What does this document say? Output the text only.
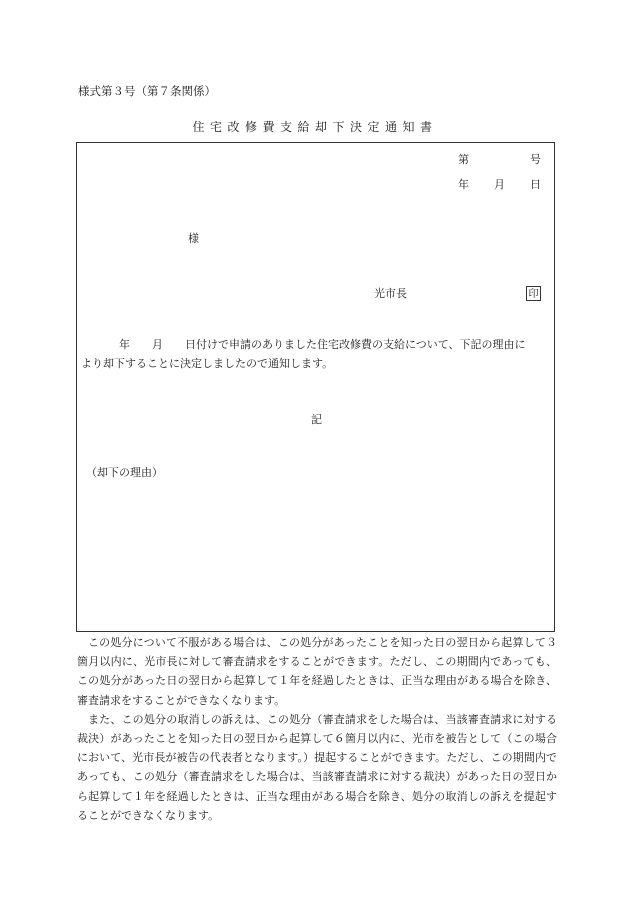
様式第３号（第７条関係）
住宅改修費支給却下決定通知書
第	号
年 月 日
様
光市長	印
年　　月　　日付けで申請のありました住宅改修費の支給について、下記の理由に
より却下することに決定しましたので通知します。
記
（却下の理由）

この処分について不服がある場合は、この処分があったことを知った日の翌日から起算して３箇月以内に、光市長に対して審査請求をすることができます。ただし、この期間内であっても、この処分があった日の翌日から起算して１年を経過したときは、正当な理由がある場合を除き、審査請求をすることができなくなります。

また、この処分の取消しの訴えは、この処分（審査請求をした場合は、当該審査請求に対する裁決）があったことを知った日の翌日から起算して６箇月以内に、光市を被告として（この場合において、光市長が被告の代表者となります。）提起することができます。ただし、この期間内であっても、この処分（審査請求をした場合は、当該審査請求に対する裁決）があった日の翌日から起算して１年を経過したときは、正当な理由がある場合を除き、処分の取消しの訴えを提起することができなくなります。
